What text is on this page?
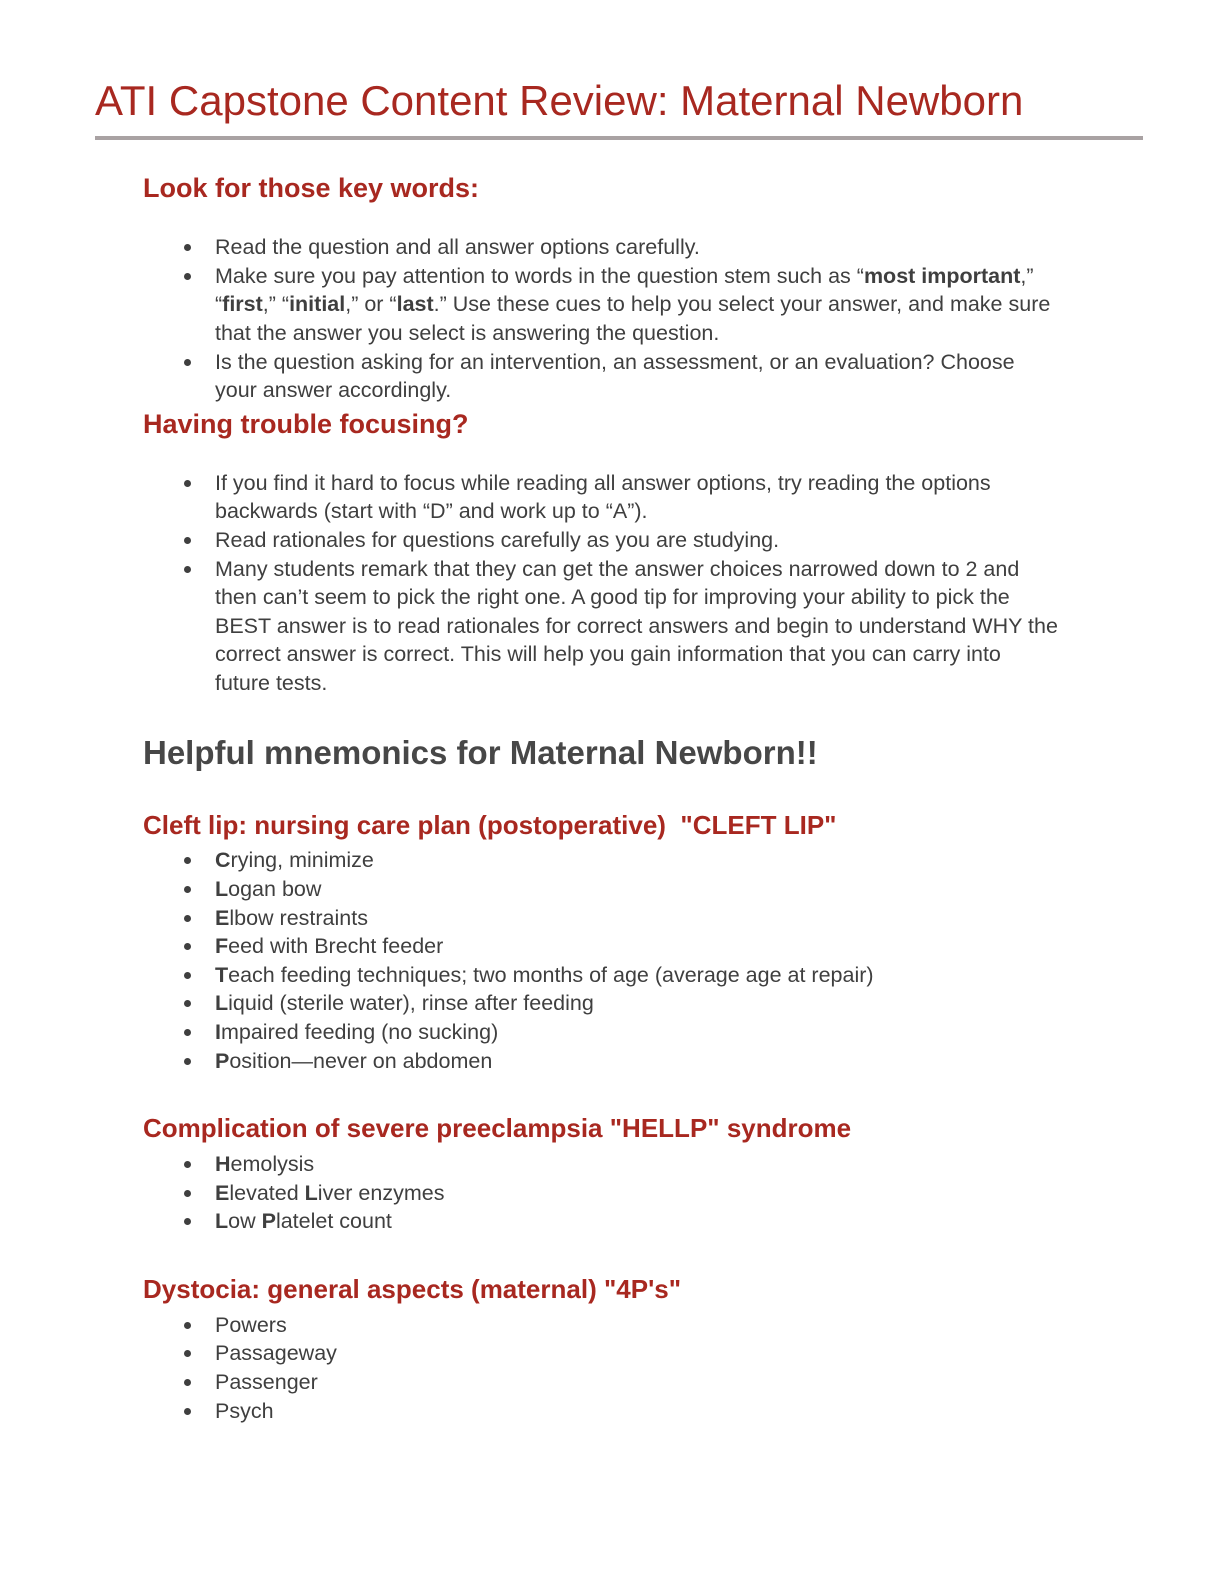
ATI Capstone Content Review: Maternal Newborn
Look for those key words:
Read the question and all answer options carefully.
Make sure you pay attention to words in the question stem such as “most important,” “first,” “initial,” or “last.” Use these cues to help you select your answer, and make sure that the answer you select is answering the question.
Is the question asking for an intervention, an assessment, or an evaluation? Choose your answer accordingly.
Having trouble focusing?
If you find it hard to focus while reading all answer options, try reading the options backwards (start with “D” and work up to “A”).
Read rationales for questions carefully as you are studying.
Many students remark that they can get the answer choices narrowed down to 2 and then can’t seem to pick the right one. A good tip for improving your ability to pick the BEST answer is to read rationales for correct answers and begin to understand WHY the correct answer is correct. This will help you gain information that you can carry into future tests.
Helpful mnemonics for Maternal Newborn!!
Cleft lip: nursing care plan (postoperative)  "CLEFT LIP"
Crying, minimize
Logan bow
Elbow restraints
Feed with Brecht feeder
Teach feeding techniques; two months of age (average age at repair)
Liquid (sterile water), rinse after feeding
Impaired feeding (no sucking)
Position—never on abdomen
Complication of severe preeclampsia "HELLP" syndrome
Hemolysis
Elevated Liver enzymes
Low Platelet count
Dystocia: general aspects (maternal) "4P's"
Powers
Passageway
Passenger
Psych
